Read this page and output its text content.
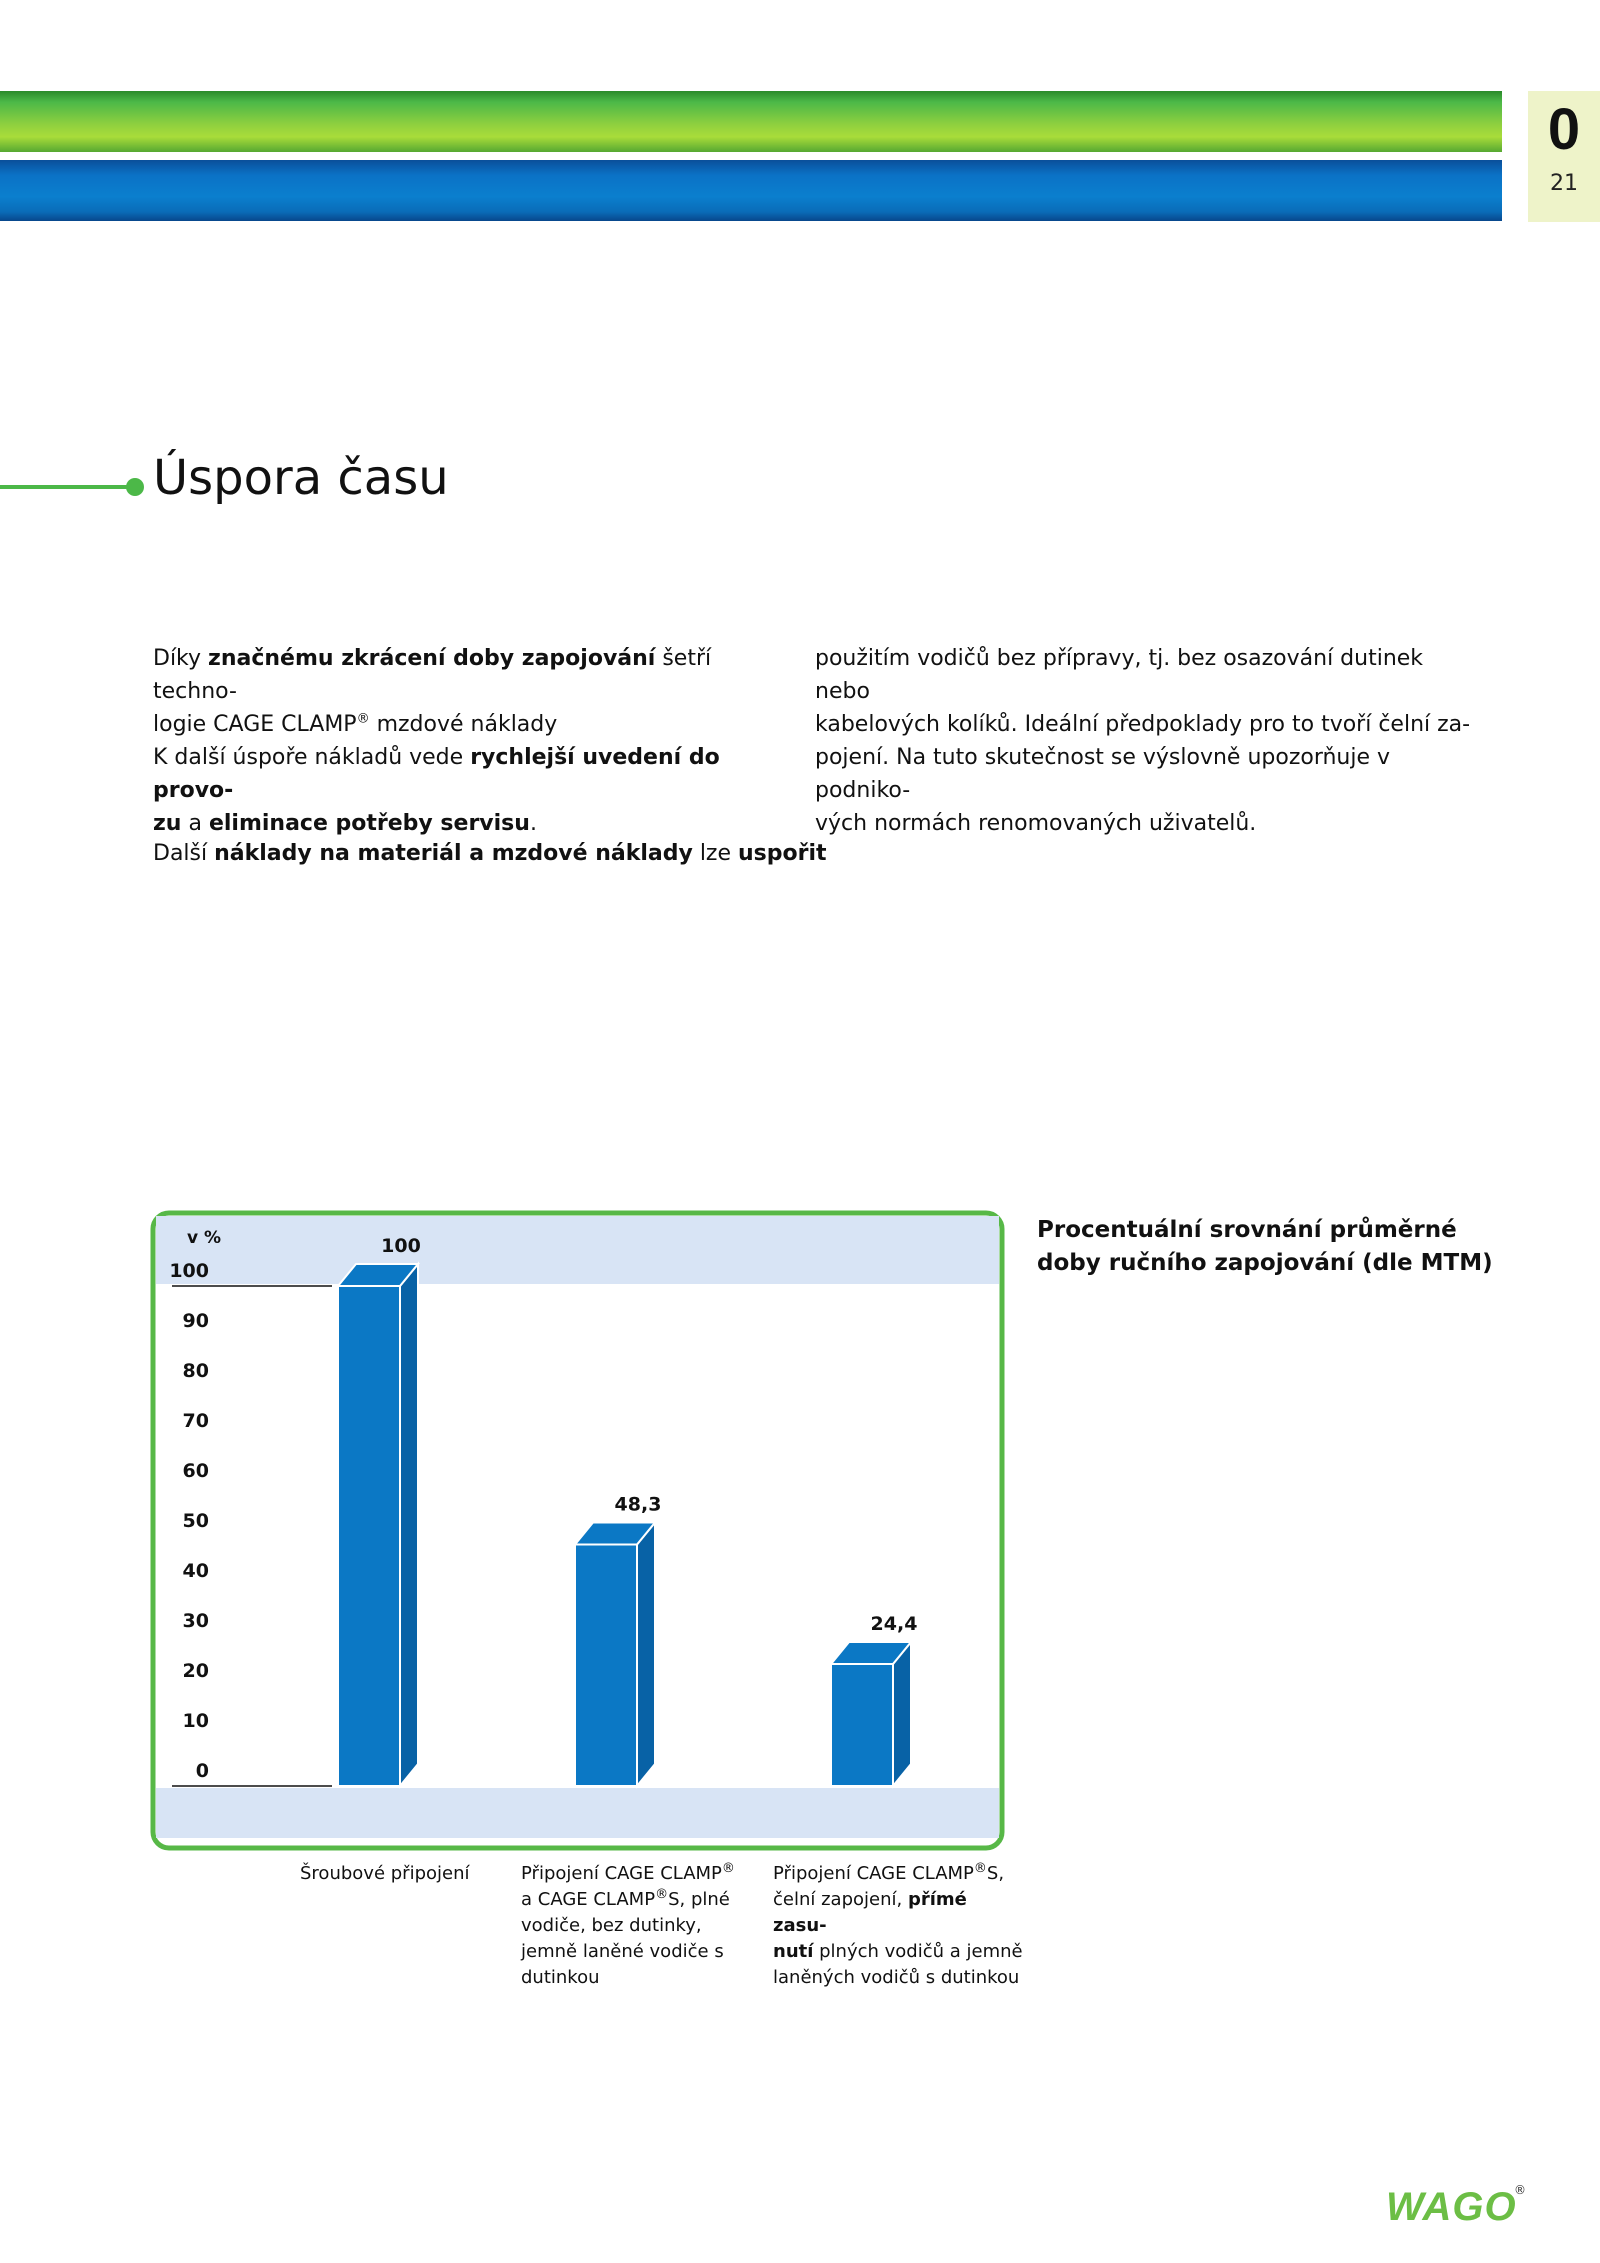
0
21
Úspora času
Díky značnému zkrácení doby zapojování šetří techno-
logie CAGE CLAMP® mzdové náklady
K další úspoře nákladů vede rychlejší uvedení do provo-
zu a eliminace potřeby servisu.
Další náklady na materiál a mzdové náklady lze uspořit
použitím vodičů bez přípravy, tj. bez osazování dutinek nebo
kabelových kolíků. Ideální předpoklady pro to tvoří čelní za-
pojení. Na tuto skutečnost se výslovně upozorňuje v podniko-
vých normách renomovaných uživatelů.
v %
0
10
20
30
40
50
60
70
80
90
100
100
48,3
24,4
Procentuální srovnání průměrné
doby ručního zapojování (dle MTM)
Šroubové připojení	Připojení CAGE CLAMP®
a CAGE CLAMP®S, plné
vodiče, bez dutinky,
jemně laněné vodiče s
dutinkou
Připojení CAGE CLAMP®S,
čelní zapojení, přímé zasu-
nutí plných vodičů a jemně
laněných vodičů s dutinkou
WAGO
®
